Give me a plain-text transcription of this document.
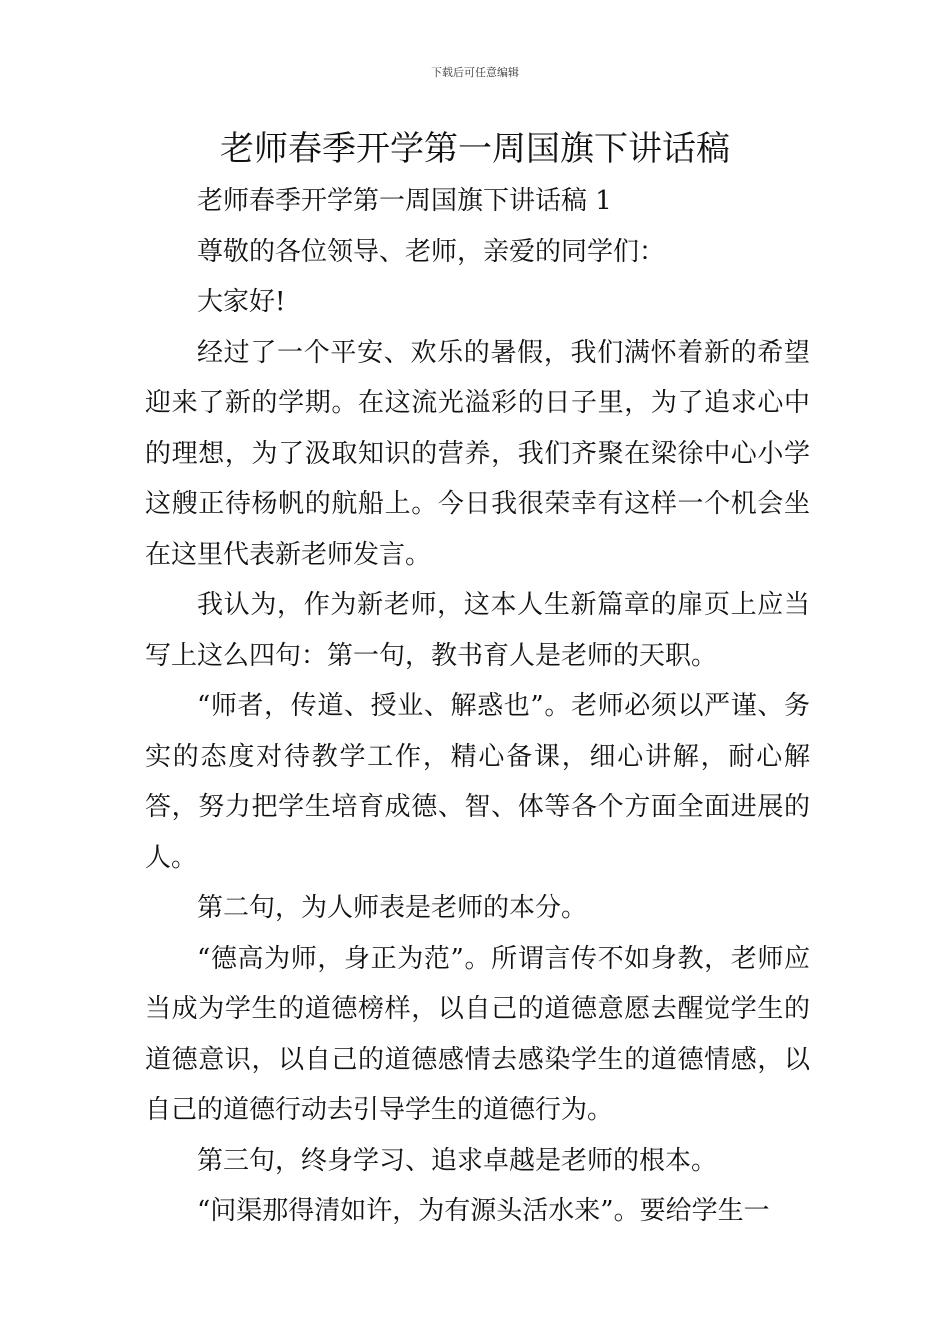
下载后可任意编辑
老师春季开学第一周国旗下讲话稿

老师春季开学第一周国旗下讲话稿 1

尊敬的各位领导、老师，亲爱的同学们：

大家好!

经过了一个平安、欢乐的暑假，我们满怀着新的希望迎来了新的学期。在这流光溢彩的日子里，为了追求心中的理想，为了汲取知识的营养，我们齐聚在梁徐中心小学这艘正待杨帆的航船上。今日我很荣幸有这样一个机会坐在这里代表新老师发言。

我认为，作为新老师，这本人生新篇章的扉页上应当写上这么四句：第一句，教书育人是老师的天职。

“师者，传道、授业、解惑也”。老师必须以严谨、务实的态度对待教学工作，精心备课，细心讲解，耐心解答，努力把学生培育成德、智、体等各个方面全面进展的人。

第二句，为人师表是老师的本分。

“德高为师，身正为范”。所谓言传不如身教，老师应当成为学生的道德榜样，以自己的道德意愿去醒觉学生的道德意识，以自己的道德感情去感染学生的道德情感，以自己的道德行动去引导学生的道德行为。

第三句，终身学习、追求卓越是老师的根本。

“问渠那得清如许，为有源头活水来”。要给学生一
